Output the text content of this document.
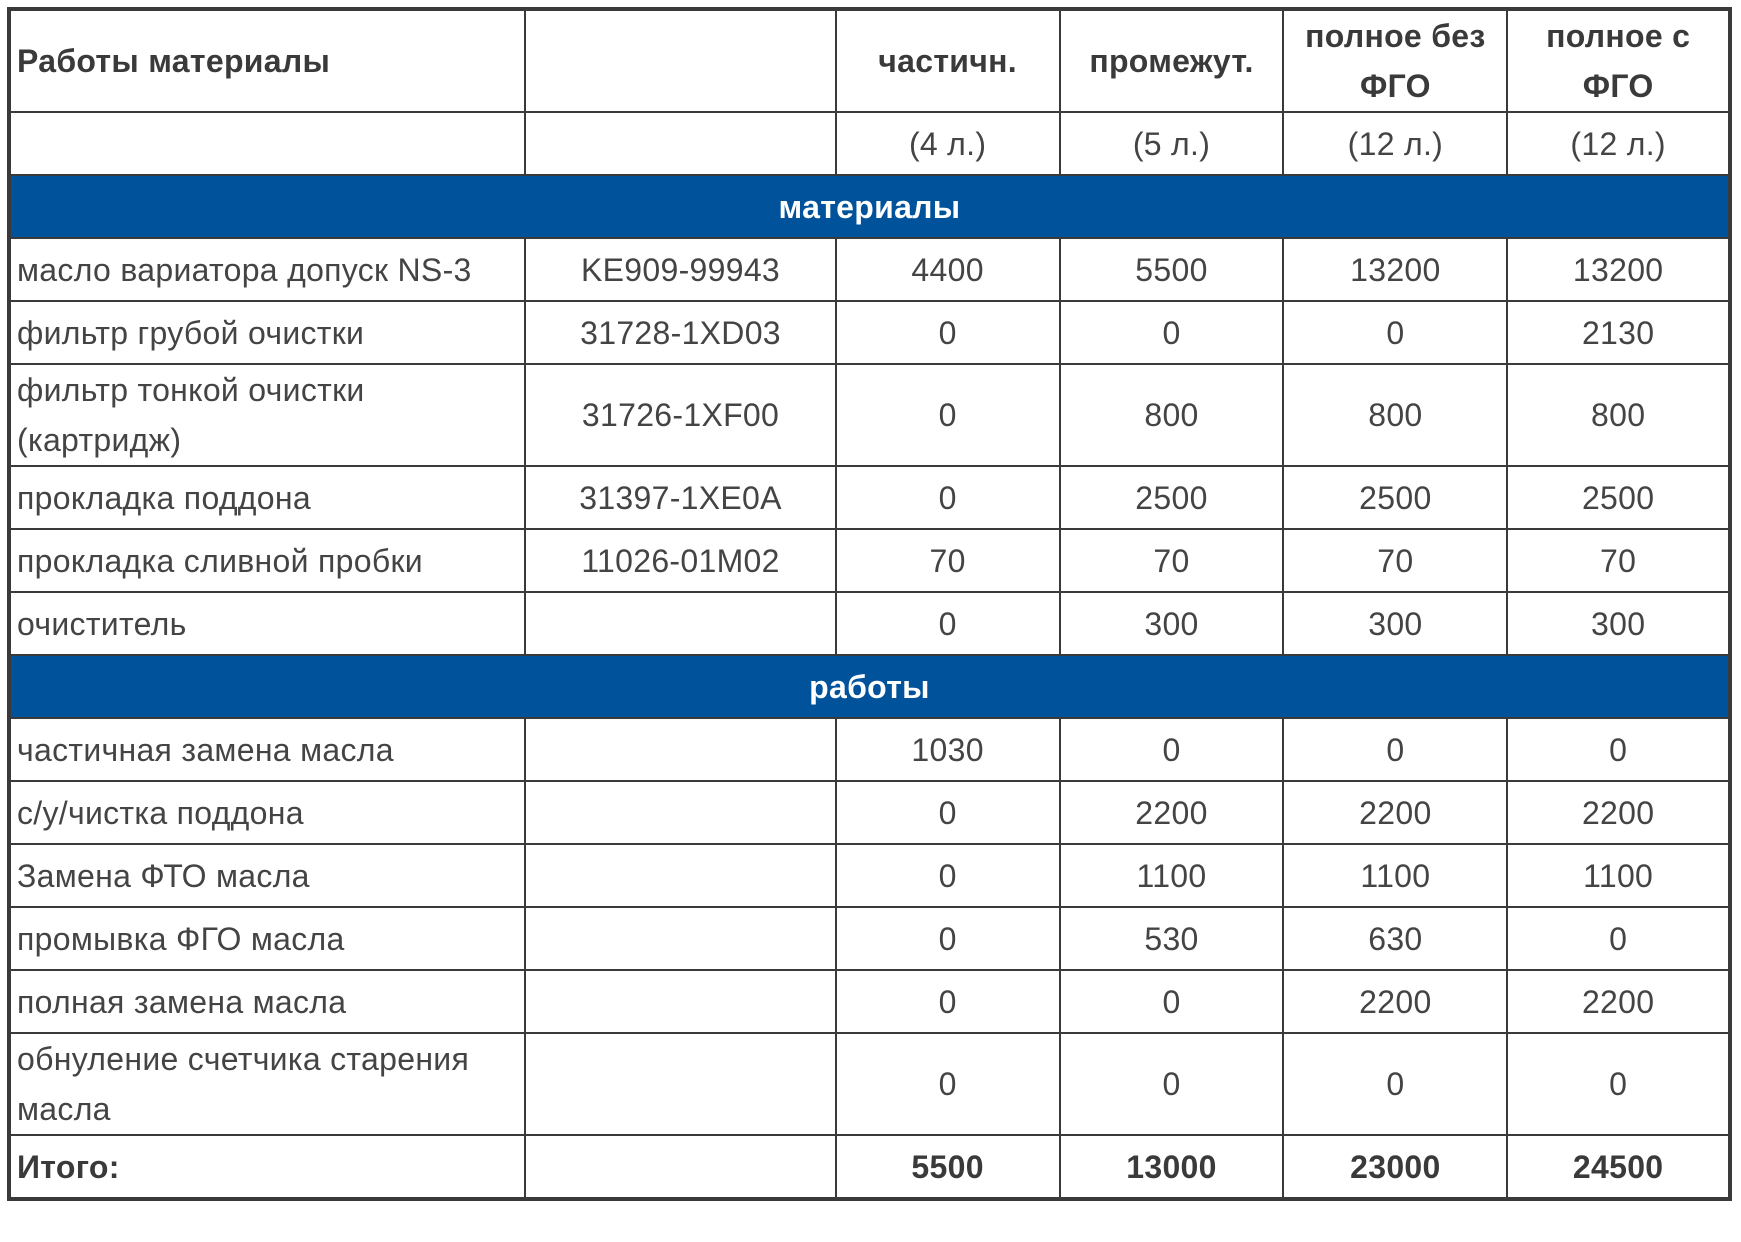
Работы материалы		частичн.	промежут.	полное без ФГО	полное с ФГО
		(4 л.)	(5 л.)	(12 л.)	(12 л.)
материалы					
масло вариатора допуск NS-3	KE909-99943	4400	5500	13200	13200
фильтр грубой очистки	31728-1XD03	0	0	0	2130
фильтр тонкой очистки (картридж)	31726-1XF00	0	800	800	800
прокладка поддона	31397-1XE0A	0	2500	2500	2500
прокладка сливной пробки	11026-01M02	70	70	70	70
очиститель		0	300	300	300
работы					
частичная замена масла		1030	0	0	0
с/у/чистка поддона		0	2200	2200	2200
Замена ФТО масла		0	1100	1100	1100
промывка ФГО масла		0	530	630	0
полная замена масла		0	0	2200	2200
обнуление счетчика старения масла		0	0	0	0
Итого:		5500	13000	23000	24500
